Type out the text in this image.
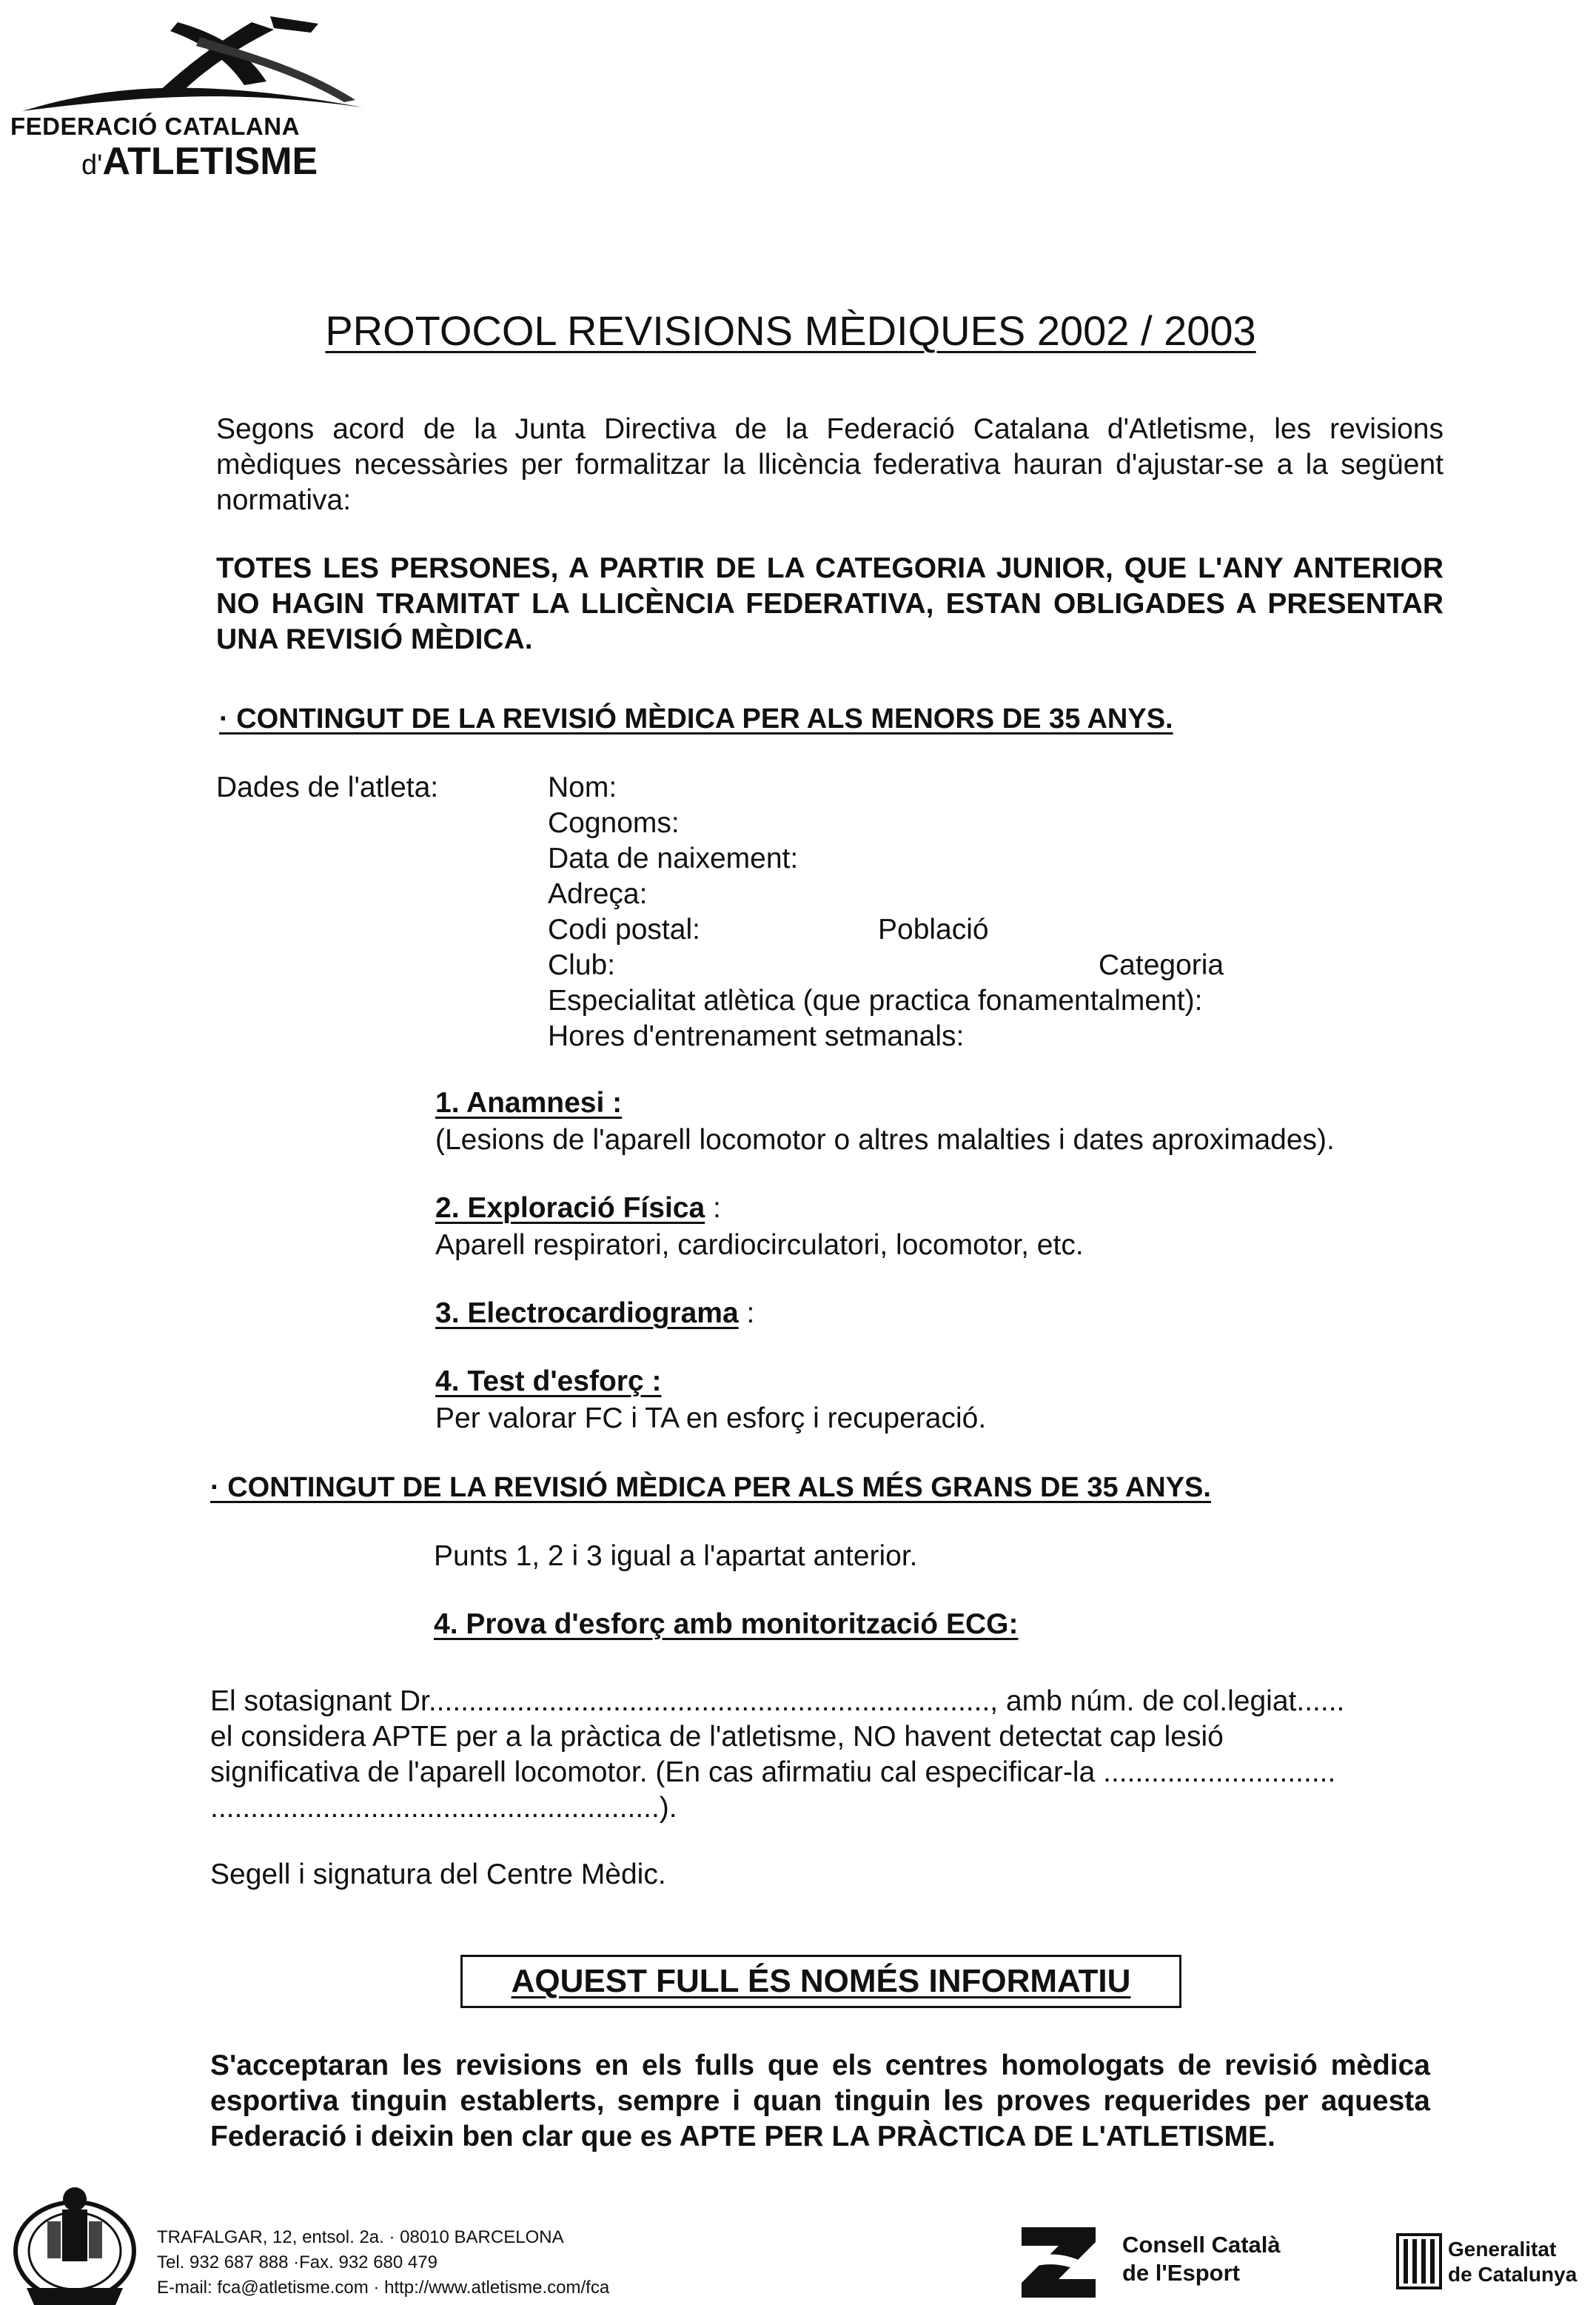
FEDERACIÓ CATALANA
d'ATLETISME
PROTOCOL REVISIONS MÈDIQUES 2002 / 2003
Segons acord de la Junta Directiva de la Federació Catalana d'Atletisme, les revisions mèdiques necessàries per formalitzar la llicència federativa hauran d'ajustar-se a la següent normativa:
TOTES LES PERSONES, A PARTIR DE LA CATEGORIA JUNIOR, QUE L'ANY ANTERIOR NO HAGIN TRAMITAT LA LLICÈNCIA FEDERATIVA, ESTAN OBLIGADES A PRESENTAR UNA REVISIÓ MÈDICA.
· CONTINGUT DE LA REVISIÓ MÈDICA PER ALS MENORS DE 35 ANYS.
Dades de l'atleta:	Nom:
Cognoms:
Data de naixement:
Adreça:
Codi postal:	Població
Club:	Categoria
Especialitat atlètica (que practica fonamentalment):
Hores d'entrenament setmanals:
1. Anamnesi :
(Lesions de l'aparell locomotor o altres malalties i dates aproximades).
2. Exploració Física :
Aparell respiratori, cardiocirculatori, locomotor, etc.
3. Electrocardiograma :
4. Test d'esforç :
Per valorar FC i TA en esforç i recuperació.
· CONTINGUT DE LA REVISIÓ MÈDICA PER ALS MÉS GRANS DE 35 ANYS.
Punts 1, 2 i 3 igual a l'apartat anterior.
4. Prova d'esforç amb monitorització ECG:
El sotasignant Dr......................................................................, amb núm. de col.legiat......
el considera APTE per a la pràctica de l'atletisme, NO havent detectat cap lesió
significativa de l'aparell locomotor. (En cas afirmatiu cal especificar-la .............................
........................................................).
Segell i signatura del Centre Mèdic.
AQUEST FULL ÉS NOMÉS INFORMATIU
S'acceptaran les revisions en els fulls que els centres homologats de revisió mèdica esportiva tinguin establerts, sempre i quan tinguin les proves requerides per aquesta Federació i deixin ben clar que es APTE PER LA PRÀCTICA DE L'ATLETISME.
TRAFALGAR, 12, entsol. 2a. · 08010 BARCELONA
Tel. 932 687 888 ·Fax. 932 680 479
E-mail: fca@atletisme.com · http://www.atletisme.com/fca
Consell Català
de l'Esport
Generalitat
de Catalunya
